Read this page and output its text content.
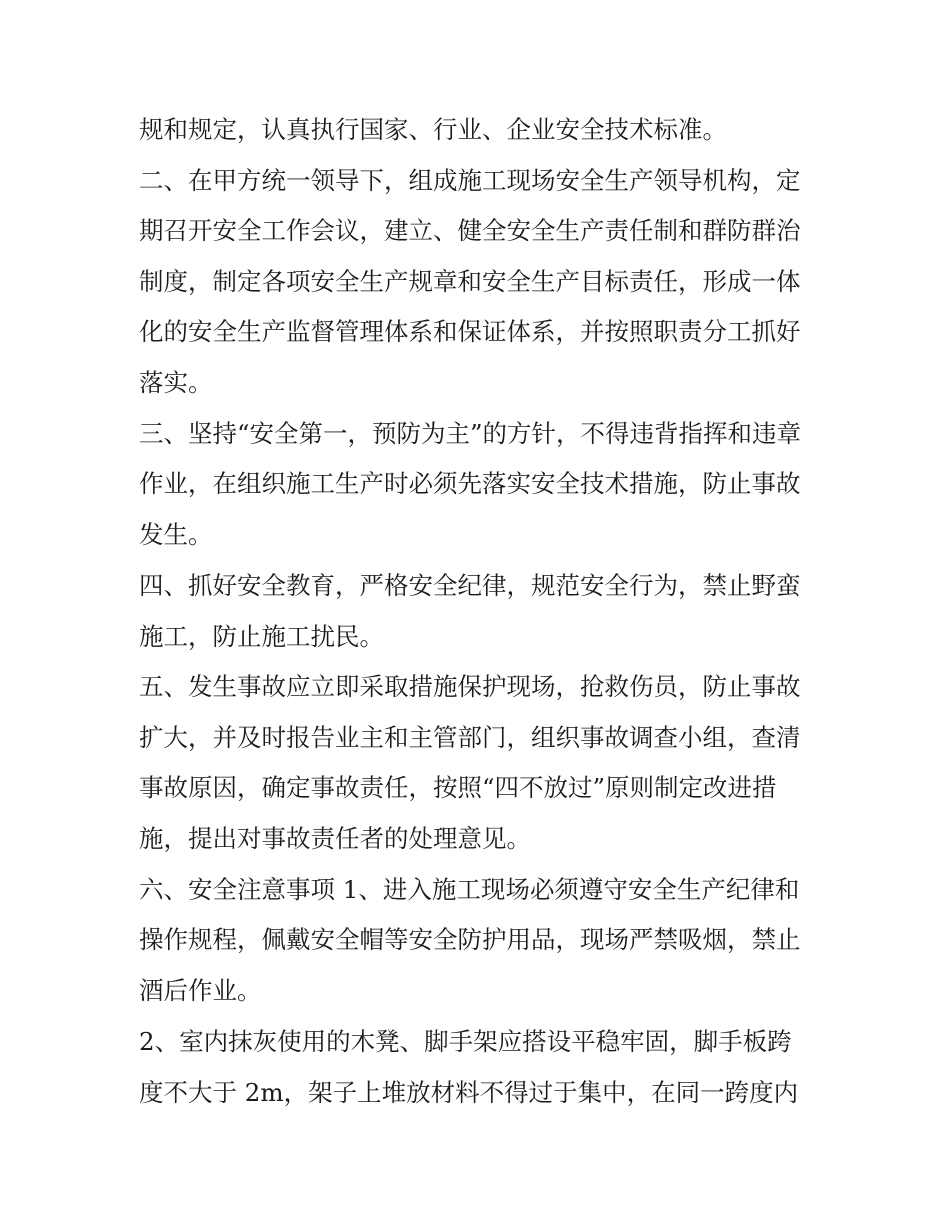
规和规定，认真执行国家、行业、企业安全技术标准。
二、在甲方统一领导下，组成施工现场安全生产领导机构，定
期召开安全工作会议，建立、健全安全生产责任制和群防群治
制度，制定各项安全生产规章和安全生产目标责任，形成一体
化的安全生产监督管理体系和保证体系，并按照职责分工抓好
落实。
三、坚持“安全第一，预防为主”的方针，不得违背指挥和违章
作业，在组织施工生产时必须先落实安全技术措施，防止事故
发生。
四、抓好安全教育，严格安全纪律，规范安全行为，禁止野蛮
施工，防止施工扰民。
五、发生事故应立即采取措施保护现场，抢救伤员，防止事故
扩大，并及时报告业主和主管部门，组织事故调查小组，查清
事故原因，确定事故责任，按照“四不放过”原则制定改进措
施，提出对事故责任者的处理意见。
六、安全注意事项 1、进入施工现场必须遵守安全生产纪律和
操作规程，佩戴安全帽等安全防护用品，现场严禁吸烟，禁止
酒后作业。
2、室内抹灰使用的木凳、脚手架应搭设平稳牢固，脚手板跨
度不大于 2m，架子上堆放材料不得过于集中，在同一跨度内
